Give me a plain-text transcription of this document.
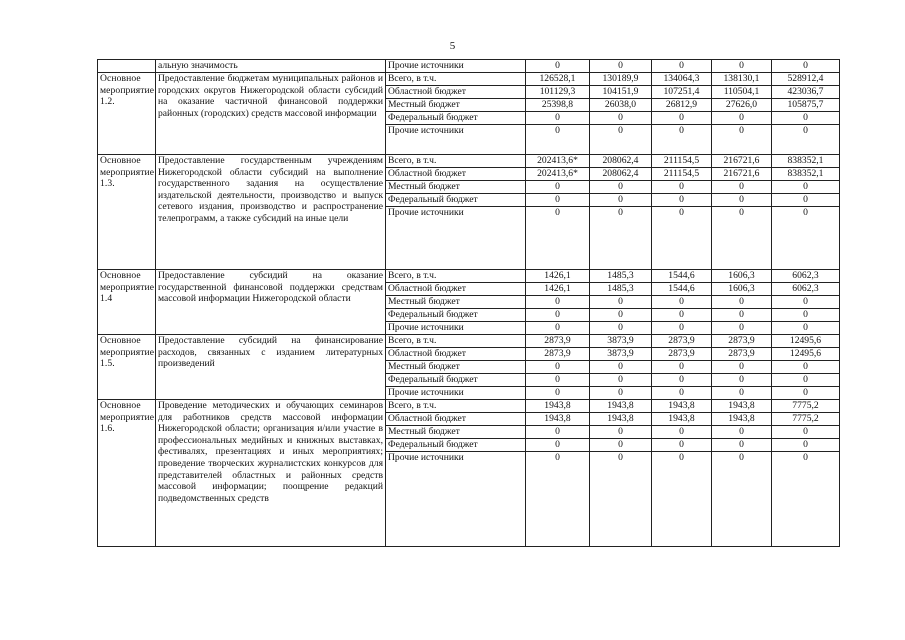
5
	альную значимость	Прочие источники	0	0	0	0	0
Основное мероприятие 1.2.	Предоставление бюджетам муниципальных районов и городских округов Нижегородской области субсидий на оказание частичной финансовой поддержки районных (городских) средств массовой информации	Всего, в т.ч.	126528,1	130189,9	134064,3	138130,1	528912,4
		Областной бюджет	101129,3	104151,9	107251,4	110504,1	423036,7
		Местный бюджет	25398,8	26038,0	26812,9	27626,0	105875,7
		Федеральный бюджет	0	0	0	0	0
		Прочие источники	0	0	0	0	0
Основное мероприятие 1.3.	Предоставление государственным учреждениям Нижегородской области субсидий на выполнение государственного задания на осуществление издательской деятельности, производство и выпуск сетевого издания, производство и распространение телепрограмм, а также субсидий на иные цели	Всего, в т.ч.	202413,6*	208062,4	211154,5	216721,6	838352,1
		Областной бюджет	202413,6*	208062,4	211154,5	216721,6	838352,1
		Местный бюджет	0	0	0	0	0
		Федеральный бюджет	0	0	0	0	0
		Прочие источники	0	0	0	0	0
Основное мероприятие 1.4	Предоставление субсидий на оказание государственной финансовой поддержки средствам массовой информации Нижегородской области	Всего, в т.ч.	1426,1	1485,3	1544,6	1606,3	6062,3
		Областной бюджет	1426,1	1485,3	1544,6	1606,3	6062,3
		Местный бюджет	0	0	0	0	0
		Федеральный бюджет	0	0	0	0	0
		Прочие источники	0	0	0	0	0
Основное мероприятие 1.5.	Предоставление субсидий на финансирование расходов, связанных с изданием литературных произведений	Всего, в т.ч.	2873,9	3873,9	2873,9	2873,9	12495,6
		Областной бюджет	2873,9	3873,9	2873,9	2873,9	12495,6
		Местный бюджет	0	0	0	0	0
		Федеральный бюджет	0	0	0	0	0
		Прочие источники	0	0	0	0	0
Основное мероприятие 1.6.	Проведение методических и обучающих семинаров для работников средств массовой информации Нижегородской области; организация и/или участие в профессиональных медийных и книжных выставках, фестивалях, презентациях и иных мероприятиях; проведение творческих журналистских конкурсов для представителей областных и районных средств массовой информации; поощрение редакций подведомственных средств	Всего, в т.ч.	1943,8	1943,8	1943,8	1943,8	7775,2
		Областной бюджет	1943,8	1943,8	1943,8	1943,8	7775,2
		Местный бюджет	0	0	0	0	0
		Федеральный бюджет	0	0	0	0	0
		Прочие источники	0	0	0	0	0
